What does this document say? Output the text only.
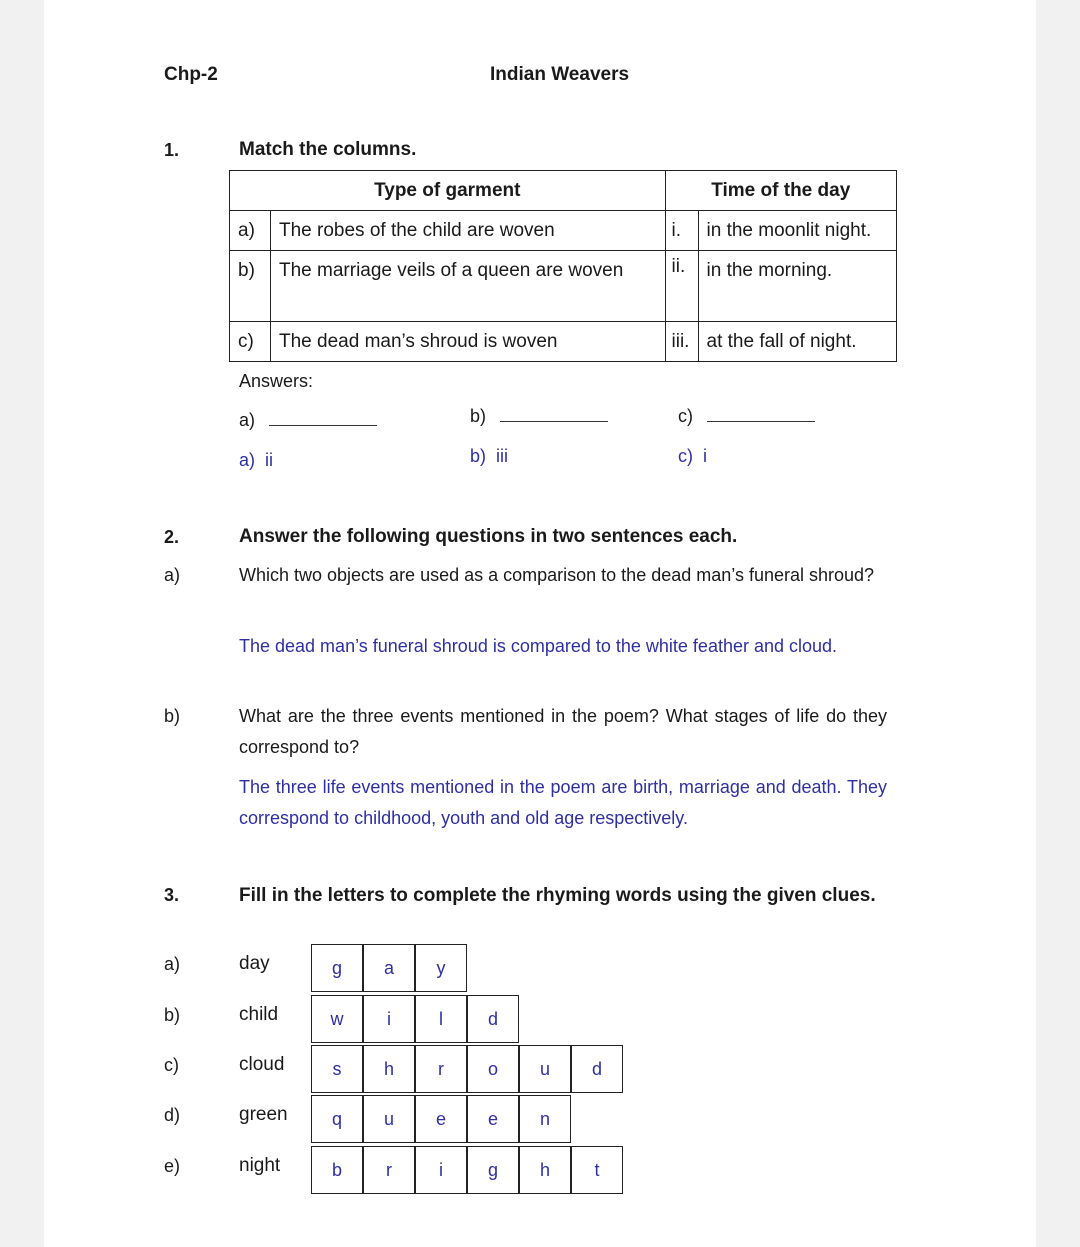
Chp-2	Indian Weavers
1.	Match the columns.
Type of garment		Time of the day	
a)	The robes of the child are woven	i.	in the moonlit night.
b)	The marriage veils of a queen are woven	ii.	in the morning.
c)	The dead man’s shroud is woven	iii.	at the fall of night.
Answers:
a)	b)	c)
a)  ii	b)  iii	c)  i
2.	Answer the following questions in two sentences each.
a)	Which two objects are used as a comparison to the dead man’s funeral shroud?
The dead man’s funeral shroud is compared to the white feather and cloud.
b)	What are the three events mentioned in the poem? What stages of life do they correspond to?
The three life events mentioned in the poem are birth, marriage and death. They correspond to childhood, youth and old age respectively.
3.	Fill in the letters to complete the rhyming words using the given clues.
a)	day	g	a	y
b)	child	w	i	l	d
c)	cloud	s	h	r	o	u	d
d)	green	q	u	e	e	n
e)	night	b	r	i	g	h	t
